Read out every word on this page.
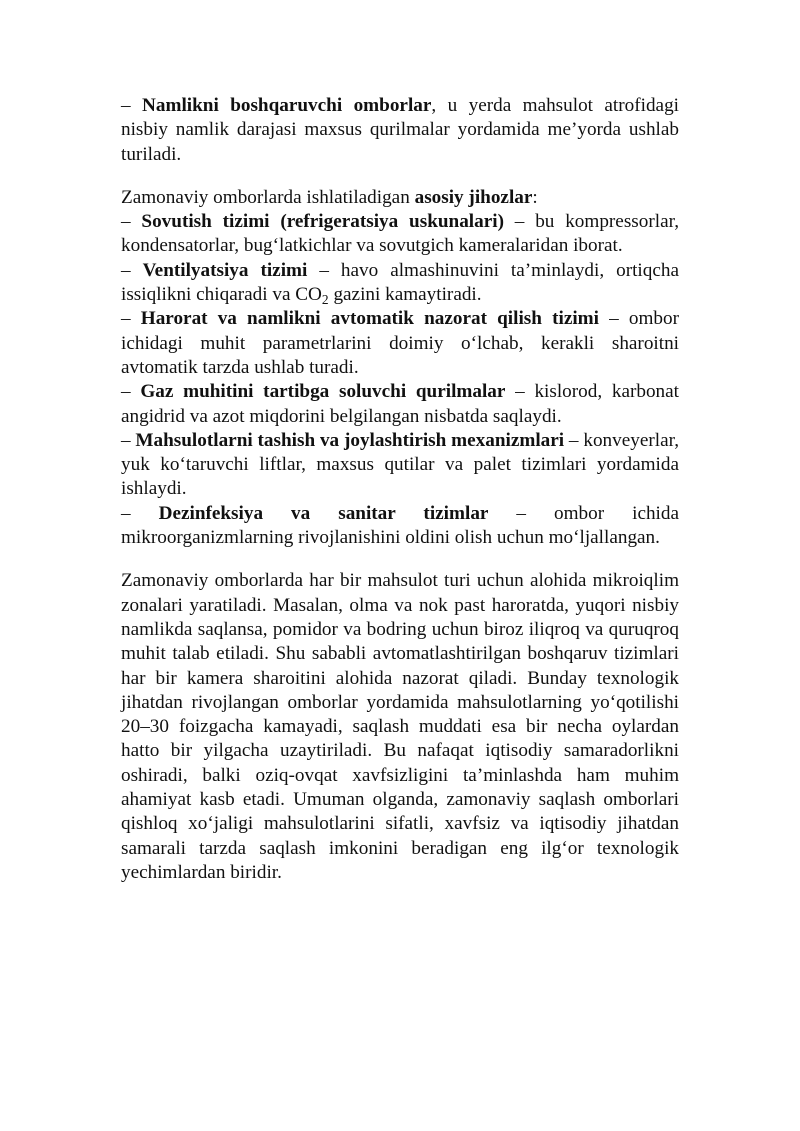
– Namlikni boshqaruvchi omborlar, u yerda mahsulot atrofidagi nisbiy namlik darajasi maxsus qurilmalar yordamida me’yorda ushlab turiladi.

Zamonaviy omborlarda ishlatiladigan asosiy jihozlar:

– Sovutish tizimi (refrigeratsiya uskunalari) – bu kompressorlar, kondensatorlar, bug‘latkichlar va sovutgich kameralaridan iborat.

– Ventilyatsiya tizimi – havo almashinuvini ta’minlaydi, ortiqcha issiqlikni chiqaradi va $CO_2$ gazini kamaytiradi.

– Harorat va namlikni avtomatik nazorat qilish tizimi – ombor ichidagi muhit parametrlarini doimiy o‘lchab, kerakli sharoitni avtomatik tarzda ushlab turadi.

– Gaz muhitini tartibga soluvchi qurilmalar – kislorod, karbonat angidrid va azot miqdorini belgilangan nisbatda saqlaydi.

– Mahsulotlarni tashish va joylashtirish mexanizmlari – konveyerlar, yuk ko‘taruvchi liftlar, maxsus qutilar va palet tizimlari yordamida ishlaydi.

– Dezinfeksiya va sanitar tizimlar – ombor ichida mikroorganizmlarning rivojlanishini oldini olish uchun mo‘ljallangan.

Zamonaviy omborlarda har bir mahsulot turi uchun alohida mikroiqlim zonalari yaratiladi. Masalan, olma va nok past haroratda, yuqori nisbiy namlikda saqlansa, pomidor va bodring uchun biroz iliqroq va quruqroq muhit talab etiladi. Shu sababli avtomatlashtirilgan boshqaruv tizimlari har bir kamera sharoitini alohida nazorat qiladi. Bunday texnologik jihatdan rivojlangan omborlar yordamida mahsulotlarning yo‘qotilishi 20–30 foizgacha kamayadi, saqlash muddati esa bir necha oylardan hatto bir yilgacha uzaytiriladi. Bu nafaqat iqtisodiy samaradorlikni oshiradi, balki oziq-ovqat xavfsizligini ta’minlashda ham muhim ahamiyat kasb etadi. Umuman olganda, zamonaviy saqlash omborlari qishloq xo‘jaligi mahsulotlarini sifatli, xavfsiz va iqtisodiy jihatdan samarali tarzda saqlash imkonini beradigan eng ilg‘or texnologik yechimlardan biridir.
